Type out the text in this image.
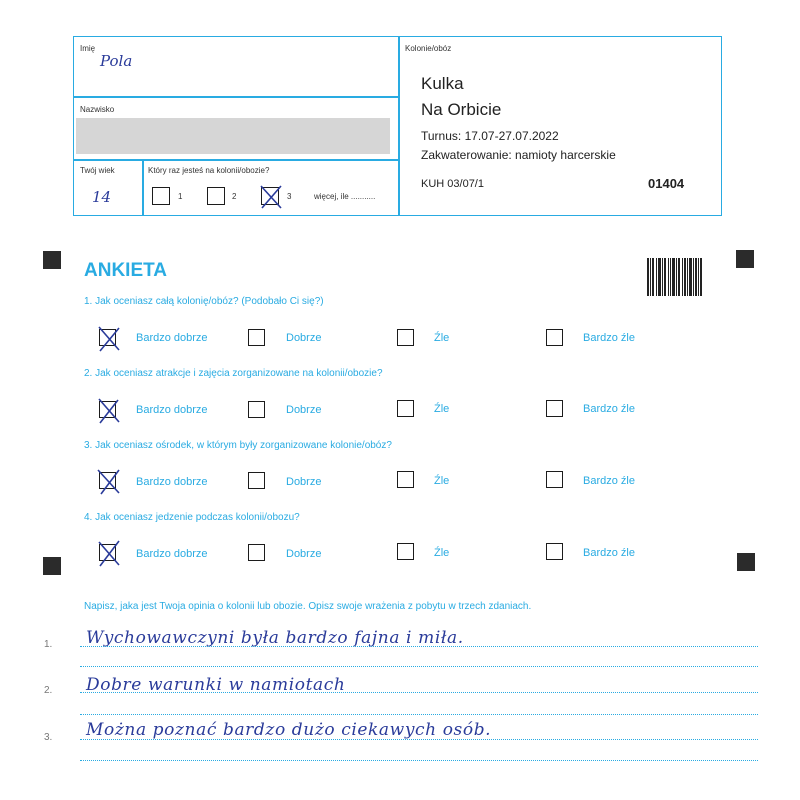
Imię
Pola
Nazwisko
Twój wiek
14
Który raz jesteś na kolonii/obozie?
1	2	3	więcej, ile ...........
Kolonie/obóz
Kulka
Na Orbicie
Turnus: 17.07-27.07.2022
Zakwaterowanie: namioty harcerskie
KUH 03/07/1	01404
ANKIETA
1. Jak oceniasz całą kolonię/obóz? (Podobało Ci się?)
Bardzo dobrze	Dobrze	Źle	Bardzo źle
2. Jak oceniasz atrakcje i zajęcia zorganizowane na kolonii/obozie?
Bardzo dobrze	Dobrze	Źle	Bardzo źle
3. Jak oceniasz ośrodek, w którym były zorganizowane kolonie/obóz?
Bardzo dobrze	Dobrze	Źle	Bardzo źle
4. Jak oceniasz jedzenie podczas kolonii/obozu?
Bardzo dobrze	Dobrze	Źle	Bardzo źle
Napisz, jaka jest Twoja opinia o kolonii lub obozie. Opisz swoje wrażenia z pobytu w trzech zdaniach.
1. Wychowawczyni była bardzo fajna i miła.
2. Dobre warunki w namiotach
3. Można poznać bardzo dużo ciekawych osób.
